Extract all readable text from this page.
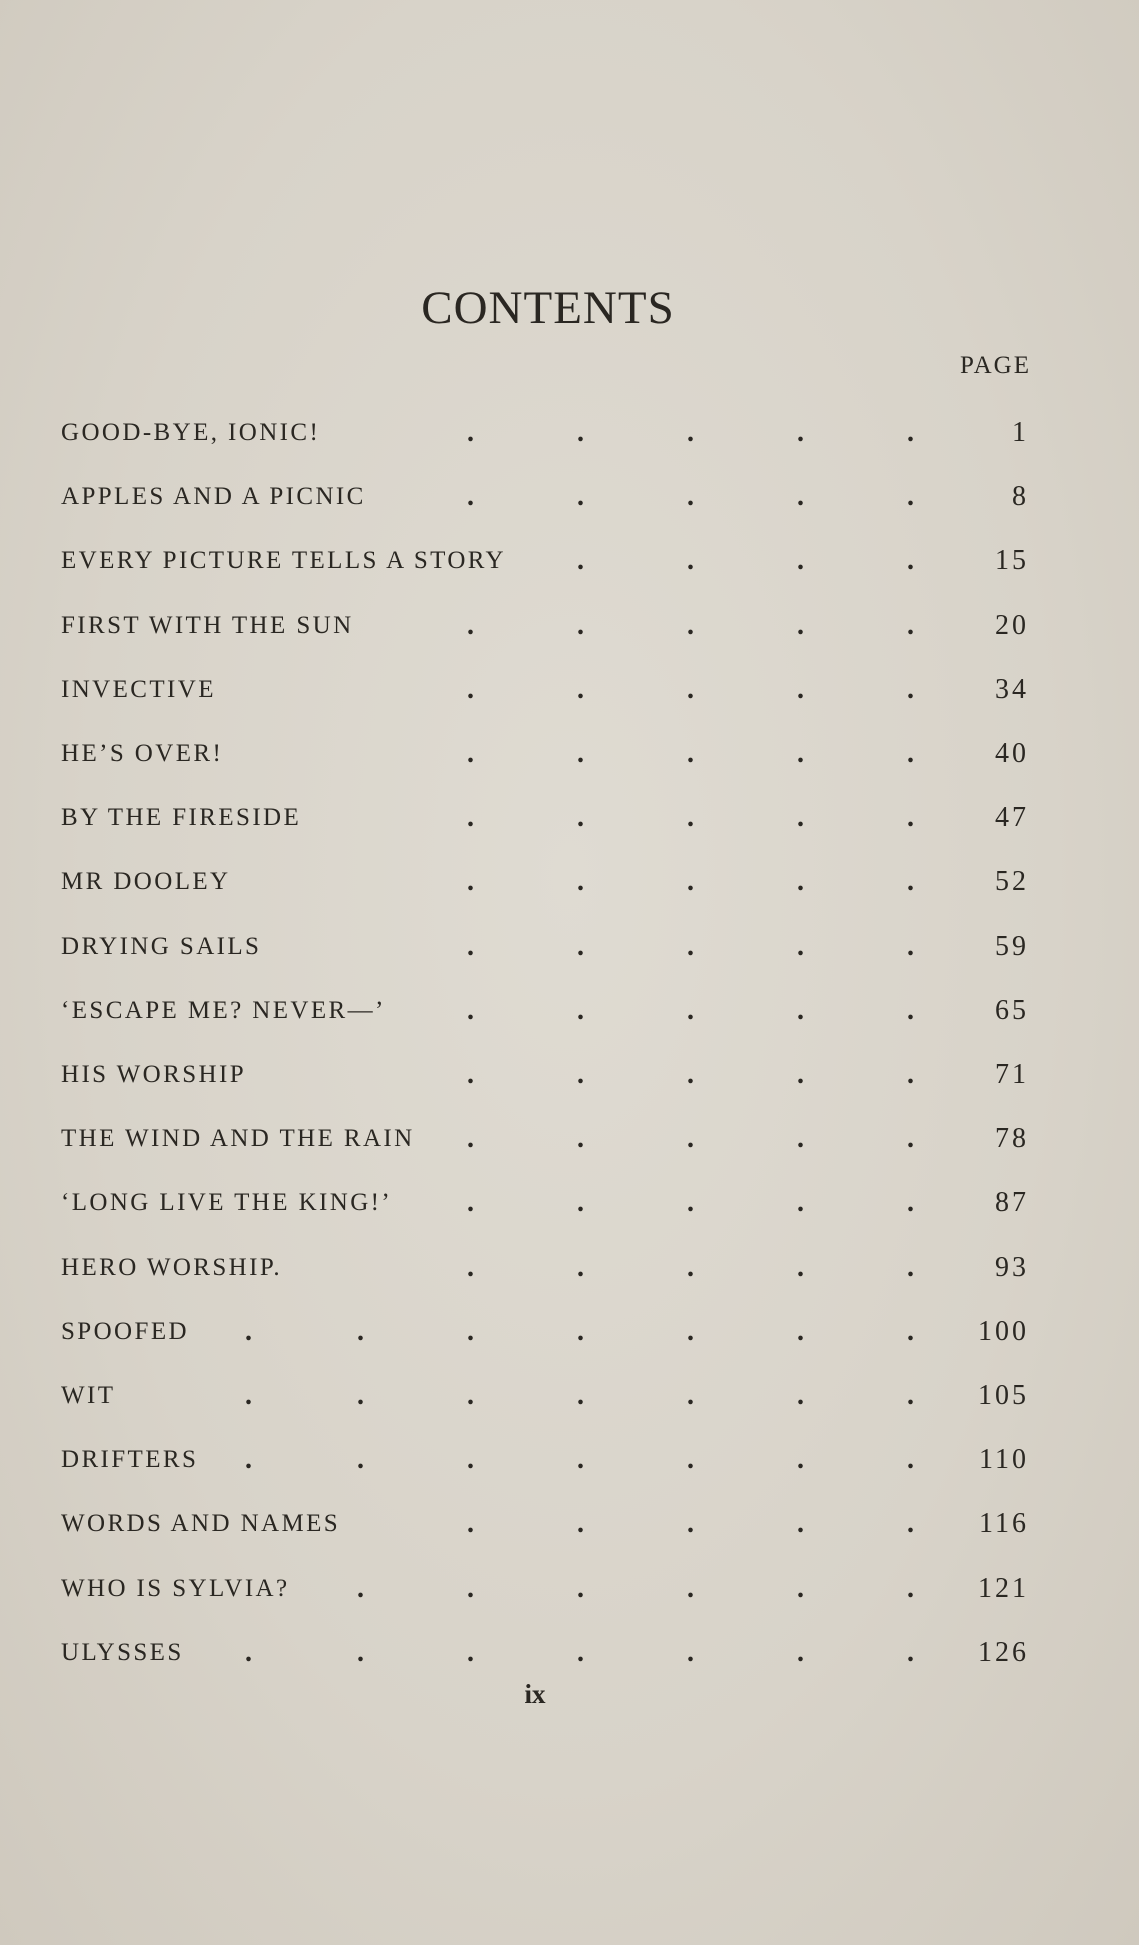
CONTENTS
PAGE
GOOD-BYE, IONIC!	.	.	.	.	.	1
APPLES AND A PICNIC	.	.	.	.	.	8
EVERY PICTURE TELLS A STORY	.	.	.	.	15
FIRST WITH THE SUN	.	.	.	.	.	20
INVECTIVE	.	.	.	.	.	34
HE’S OVER!	.	.	.	.	.	40
BY THE FIRESIDE	.	.	.	.	.	47
MR DOOLEY	.	.	.	.	.	52
DRYING SAILS	.	.	.	.	.	59
‘ESCAPE ME? NEVER—’	.	.	.	.	.	65
HIS WORSHIP	.	.	.	.	.	71
THE WIND AND THE RAIN .	.	.	.	.	78
‘LONG LIVE THE KING!’	.	.	.	.	.	87
HERO WORSHIP.	.	.	.	.	.	93
SPOOFED .	.	.	.	.	.	. 100
WIT	.	.	.	.	.	.	. 105
DRIFTERS .	.	.	.	.	.	. 110
WORDS AND NAMES	.	.	.	.	. 116
WHO IS SYLVIA? .	.	.	.	.	. 121
ULYSSES .	.	.	.	.	.	. 126
ix
